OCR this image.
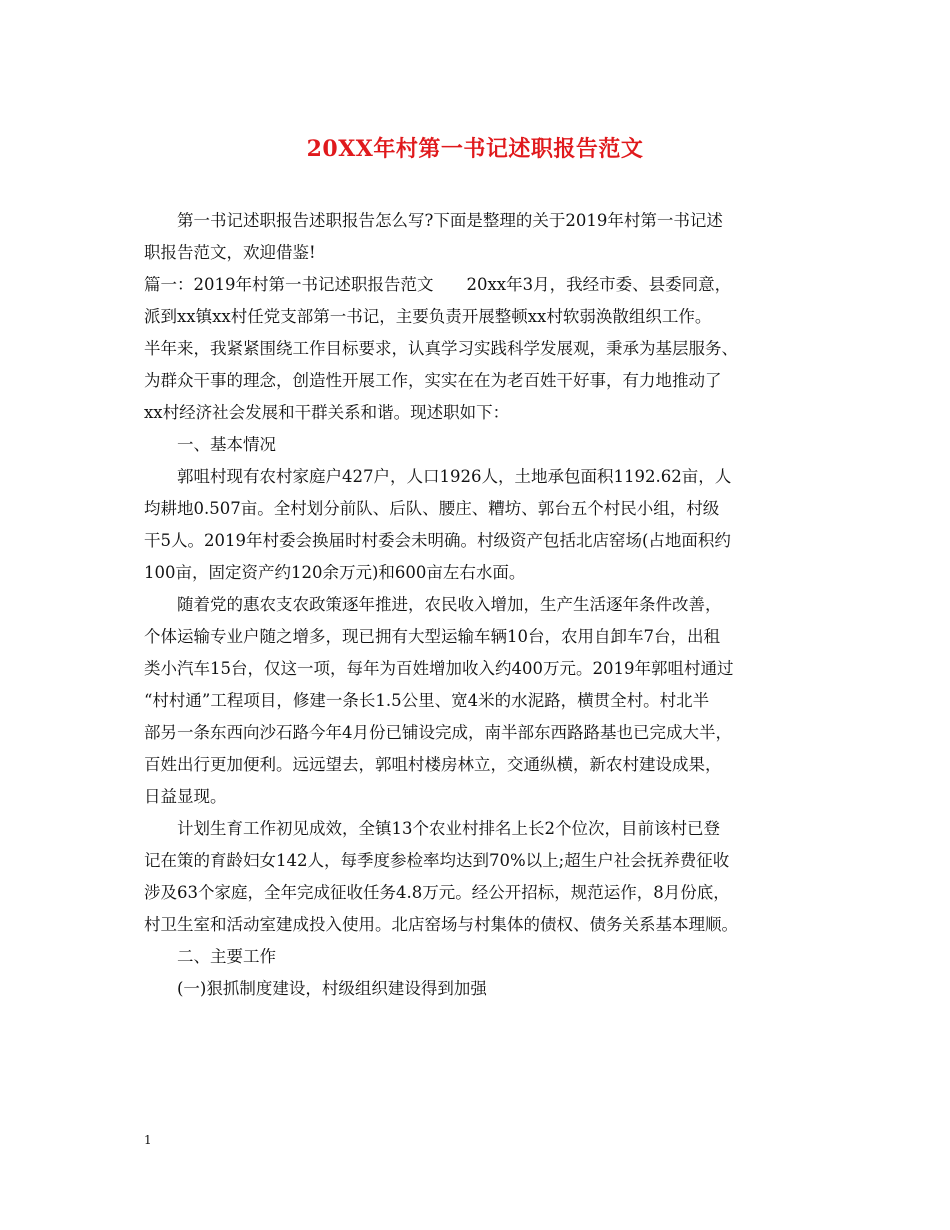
20XX年村第一书记述职报告范文
第一书记述职报告述职报告怎么写?下面是整理的关于2019年村第一书记述
职报告范文，欢迎借鉴!
篇一：2019年村第一书记述职报告范文　　20xx年3月，我经市委、县委同意，
派到xx镇xx村任党支部第一书记，主要负责开展整顿xx村软弱涣散组织工作。
半年来，我紧紧围绕工作目标要求，认真学习实践科学发展观，秉承为基层服务、
为群众干事的理念，创造性开展工作，实实在在为老百姓干好事，有力地推动了
xx村经济社会发展和干群关系和谐。现述职如下：
一、基本情况
郭咀村现有农村家庭户427户，人口1926人，土地承包面积1192.62亩，人
均耕地0.507亩。全村划分前队、后队、腰庄、糟坊、郭台五个村民小组，村级
干5人。2019年村委会换届时村委会未明确。村级资产包括北店窑场(占地面积约
100亩，固定资产约120余万元)和600亩左右水面。
随着党的惠农支农政策逐年推进，农民收入增加，生产生活逐年条件改善，
个体运输专业户随之增多，现已拥有大型运输车辆10台，农用自卸车7台，出租
类小汽车15台，仅这一项，每年为百姓增加收入约400万元。2019年郭咀村通过
“村村通”工程项目，修建一条长1.5公里、宽4米的水泥路，横贯全村。村北半
部另一条东西向沙石路今年4月份已铺设完成，南半部东西路路基也已完成大半，
百姓出行更加便利。远远望去，郭咀村楼房林立，交通纵横，新农村建设成果，
日益显现。
计划生育工作初见成效，全镇13个农业村排名上长2个位次，目前该村已登
记在策的育龄妇女142人，每季度参检率均达到70%以上;超生户社会抚养费征收
涉及63个家庭，全年完成征收任务4.8万元。经公开招标，规范运作，8月份底，
村卫生室和活动室建成投入使用。北店窑场与村集体的债权、债务关系基本理顺。
二、主要工作
(一)狠抓制度建设，村级组织建设得到加强
1
